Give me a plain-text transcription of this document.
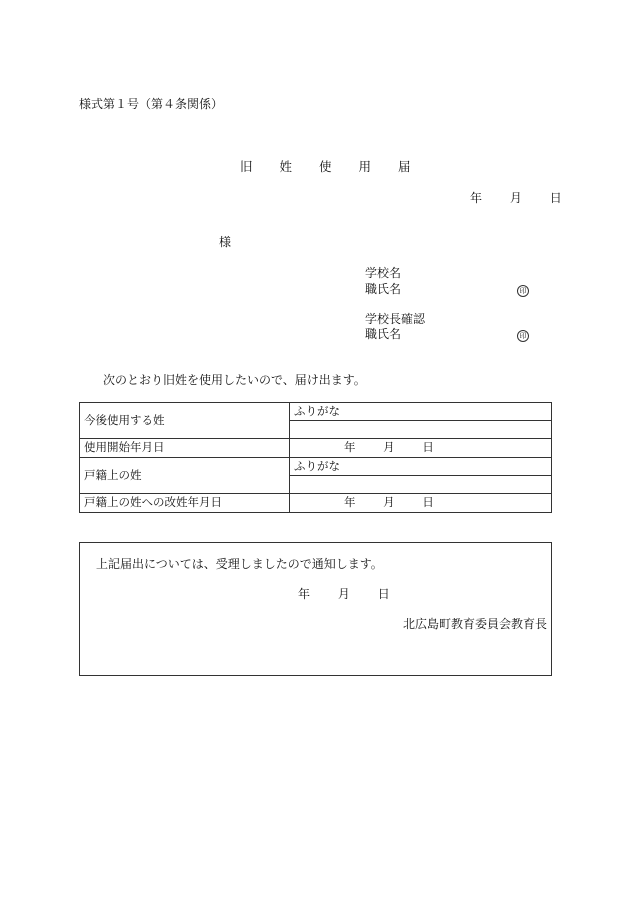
様式第１号（第４条関係）
旧 姓 使 用 届
年 月 日
様
学校名
職氏名	印
学校長確認
職氏名	印
次のとおり旧姓を使用したいので、届け出ます。
今後使用する姓	ふりがな

使用開始年月日	年 月 日
戸籍上の姓	ふりがな

戸籍上の姓への改姓年月日	年 月 日
上記届出については、受理しましたので通知します。
年 月 日
北広島町教育委員会教育長
